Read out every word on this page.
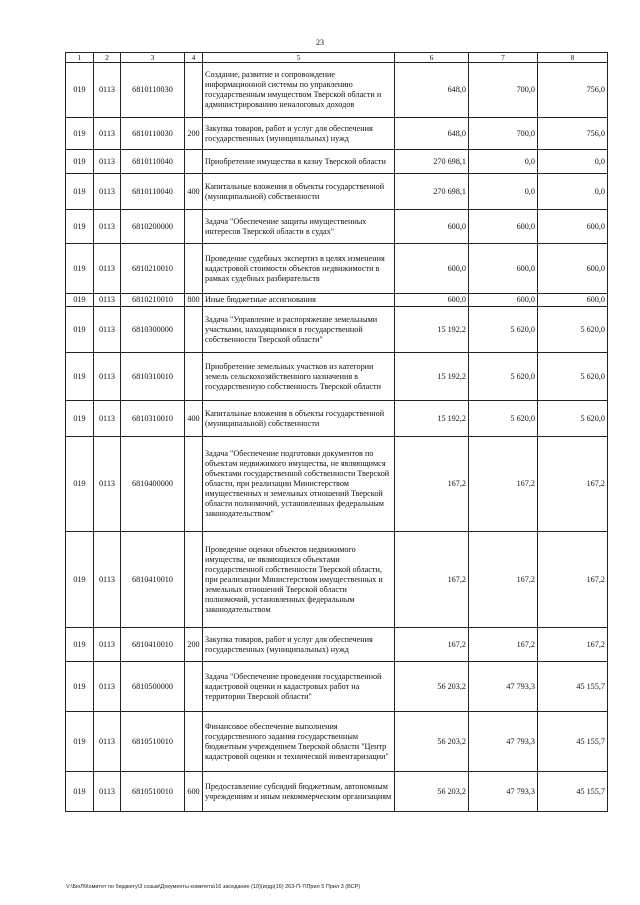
23
1	2	3	4	5	6	7	8
019	0113	6810110030		Создание, развитие и сопровождение информационной системы по управлению государственным имуществом Тверской области и администрированию неналоговых доходов	648,0	700,0	756,0
019	0113	6810110030	200	Закупка товаров, работ и услуг для обеспечения государственных (муниципальных) нужд	648,0	700,0	756,0
019	0113	6810110040		Приобретение имущества в казну Тверской области	270 698,1	0,0	0,0
019	0113	6810110040	400	Капитальные вложения в объекты государственной (муниципальной) собственности	270 698,1	0,0	0,0
019	0113	6810200000		Задача "Обеспечение защиты имущественных интересов Тверской области в судах"	600,0	600,0	600,0
019	0113	6810210010		Проведение судебных экспертиз в целях изменения кадастровой стоимости объектов недвижимости в рамках судебных разбирательств	600,0	600,0	600,0
019	0113	6810210010	800	Иные бюджетные ассигнования	600,0	600,0	600,0
019	0113	6810300000		Задача "Управление и распоряжение земельными участками, находящимися в государственной собственности Тверской области"	15 192,2	5 620,0	5 620,0
019	0113	6810310010		Приобретение земельных участков из категории земель сельскохозяйственного назначения в государственную собственность Тверской области	15 192,2	5 620,0	5 620,0
019	0113	6810310010	400	Капитальные вложения в объекты государственной (муниципальной) собственности	15 192,2	5 620,0	5 620,0
019	0113	6810400000		Задача "Обеспечение подготовки документов по объектам недвижимого имущества, не являющимся объектами государственной собственности Тверской области, при реализации Министерством имущественных и земельных отношений Тверской области полномочий, установленных федеральным законодательством"	167,2	167,2	167,2
019	0113	6810410010		Проведение оценки объектов недвижимого имущества, не являющихся объектами государственной собственности Тверской области, при реализации Министерством имущественных и земельных отношений Тверской области полномочий, установленных федеральным законодательством	167,2	167,2	167,2
019	0113	6810410010	200	Закупка товаров, работ и услуг для обеспечения государственных (муниципальных) нужд	167,2	167,2	167,2
019	0113	6810500000		Задача "Обеспечение проведения государственной кадастровой оценки и кадастровых работ на территории Тверской области"	56 203,2	47 793,3	45 155,7
019	0113	6810510010		Финансовое обеспечение выполнения государственного задания государственным бюджетным учреждением Тверской области "Центр кадастровой оценки и технической инвентаризации"	56 203,2	47 793,3	45 155,7
019	0113	6810510010	600	Предоставление субсидий бюджетным, автономным учреждениям и иным некоммерческим организациям	56 203,2	47 793,3	45 155,7
V:\БюЛ\Комитет по бюджету\3 созыв\Документы комитета\16 заседание (10)(игдр(16) 263-П-7\Прил 5 Прил 3 (ВСР)
